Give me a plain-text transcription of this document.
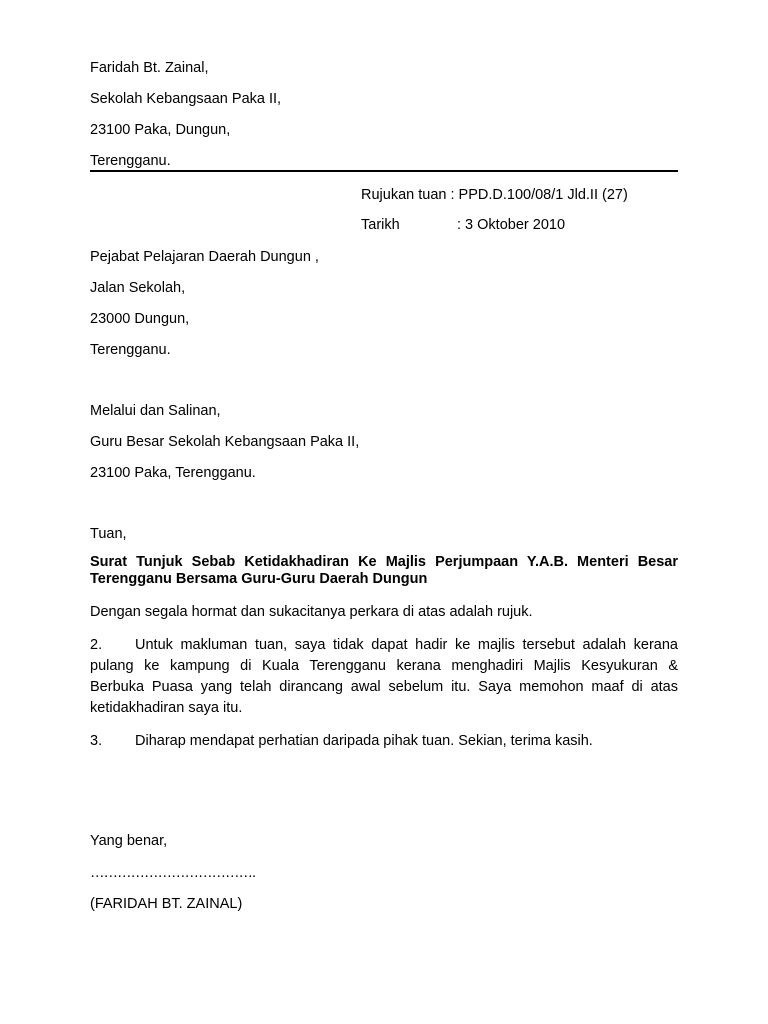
Faridah Bt. Zainal,
Sekolah Kebangsaan Paka II,
23100 Paka, Dungun,
Terengganu.
Rujukan tuan : PPD.D.100/08/1 Jld.II (27)
Tarikh	: 3 Oktober 2010
Pejabat Pelajaran Daerah Dungun ,
Jalan Sekolah,
23000 Dungun,
Terengganu.
Melalui dan Salinan,
Guru Besar Sekolah Kebangsaan Paka II,
23100 Paka, Terengganu.
Tuan,
Surat Tunjuk Sebab Ketidakhadiran Ke Majlis Perjumpaan Y.A.B. Menteri Besar
Terengganu Bersama Guru-Guru Daerah Dungun
Dengan segala hormat dan sukacitanya perkara di atas adalah rujuk.
2. Untuk makluman tuan, saya tidak dapat hadir ke majlis tersebut adalah kerana
pulang ke kampung di Kuala Terengganu kerana menghadiri Majlis Kesyukuran &
Berbuka Puasa yang telah dirancang awal sebelum itu. Saya memohon maaf di atas
ketidakhadiran saya itu.
3. Diharap mendapat perhatian daripada pihak tuan. Sekian, terima kasih.
Yang benar,
……………………………….
(FARIDAH BT. ZAINAL)
